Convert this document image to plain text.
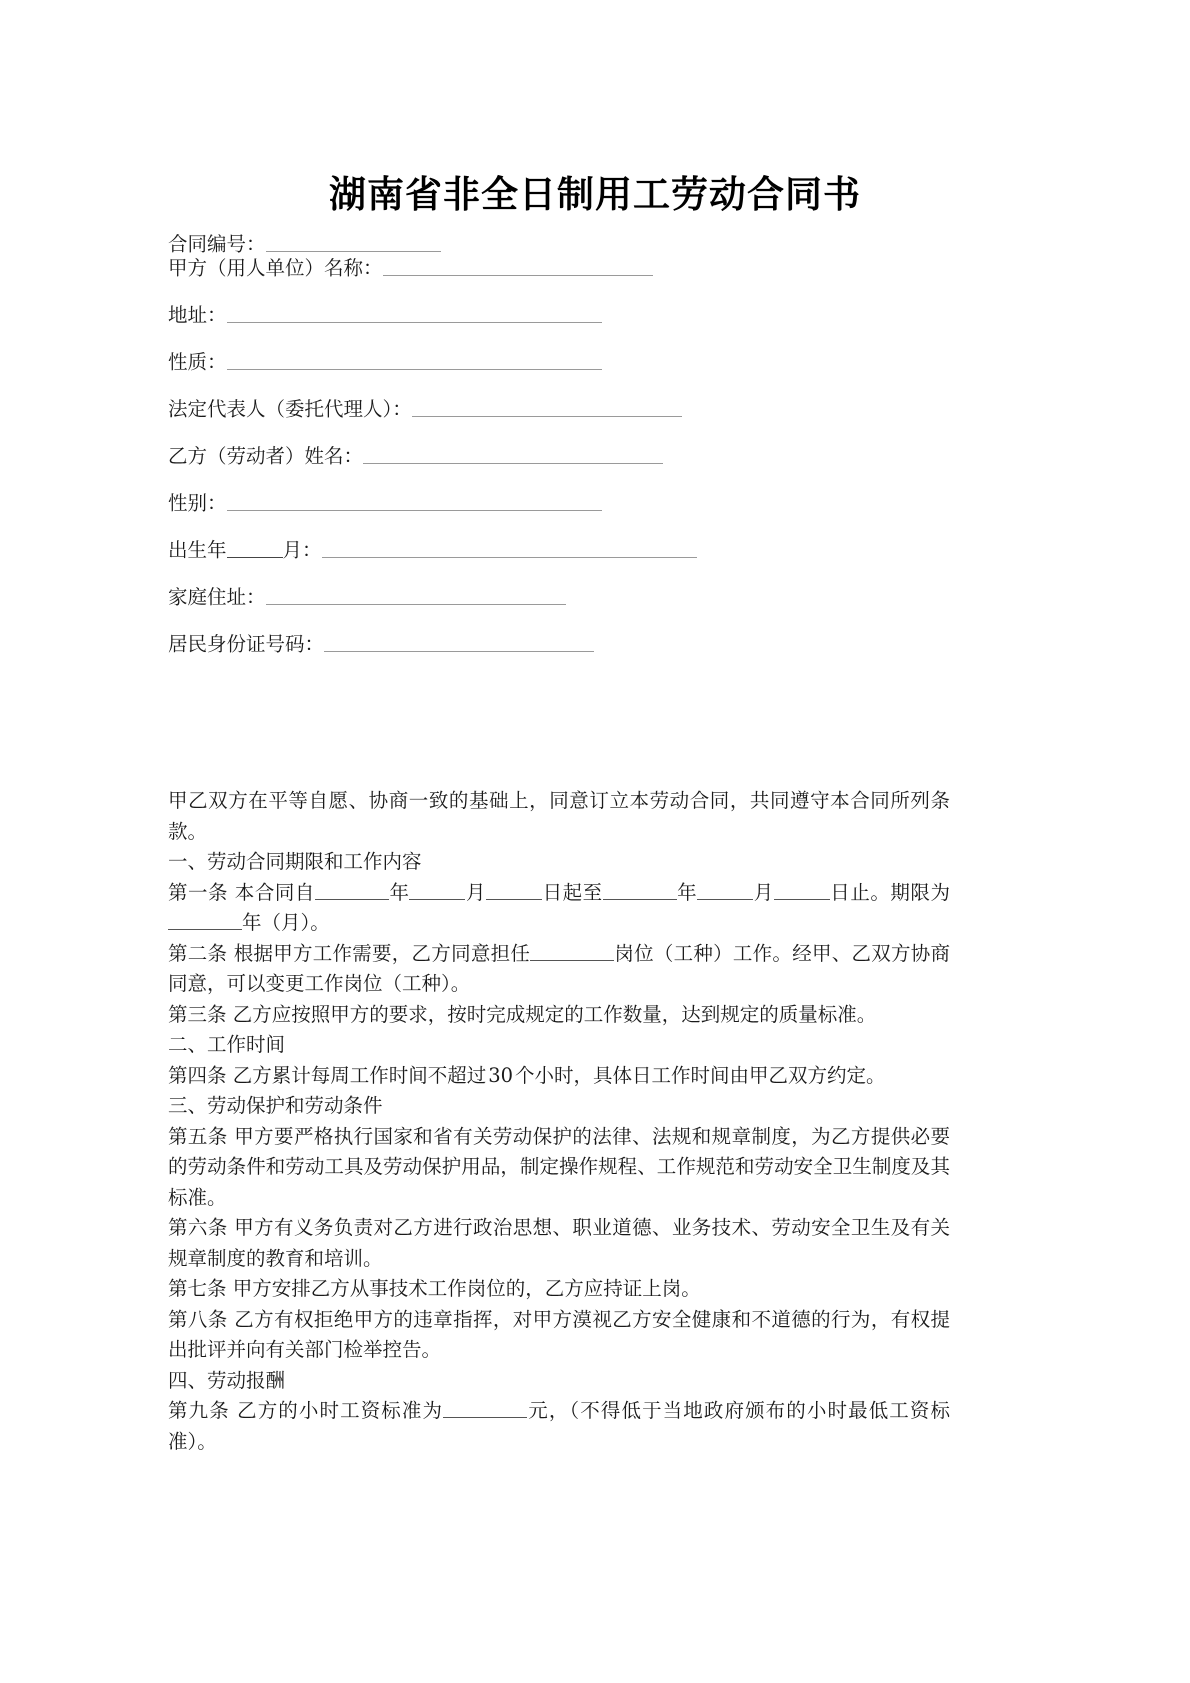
湖南省非全日制用工劳动合同书
合同编号：
甲方（用人单位）名称：
地址：
性质：
法定代表人（委托代理人）：
乙方（劳动者）姓名：
性别：
出生年	月：
家庭住址：
居民身份证号码：

甲乙双方在平等自愿、协商一致的基础上，同意订立本劳动合同，共同遵守本合同所列条款。

一、劳动合同期限和工作内容

第一条 本合同自	年	月	日起至	年	月	日止。期限为年（月）。

第二条 根据甲方工作需要，乙方同意担任	岗位（工种）工作。经甲、乙双方协商同意，可以变更工作岗位（工种）。

第三条 乙方应按照甲方的要求，按时完成规定的工作数量，达到规定的质量标准。

二、工作时间

第四条 乙方累计每周工作时间不超过 30 个小时，具体日工作时间由甲乙双方约定。

三、劳动保护和劳动条件

第五条 甲方要严格执行国家和省有关劳动保护的法律、法规和规章制度，为乙方提供必要的劳动条件和劳动工具及劳动保护用品，制定操作规程、工作规范和劳动安全卫生制度及其标准。

第六条 甲方有义务负责对乙方进行政治思想、职业道德、业务技术、劳动安全卫生及有关规章制度的教育和培训。

第七条 甲方安排乙方从事技术工作岗位的，乙方应持证上岗。

第八条 乙方有权拒绝甲方的违章指挥，对甲方漠视乙方安全健康和不道德的行为，有权提出批评并向有关部门检举控告。

四、劳动报酬

第九条 乙方的小时工资标准为	元，（不得低于当地政府颁布的小时最低工资标准）。
